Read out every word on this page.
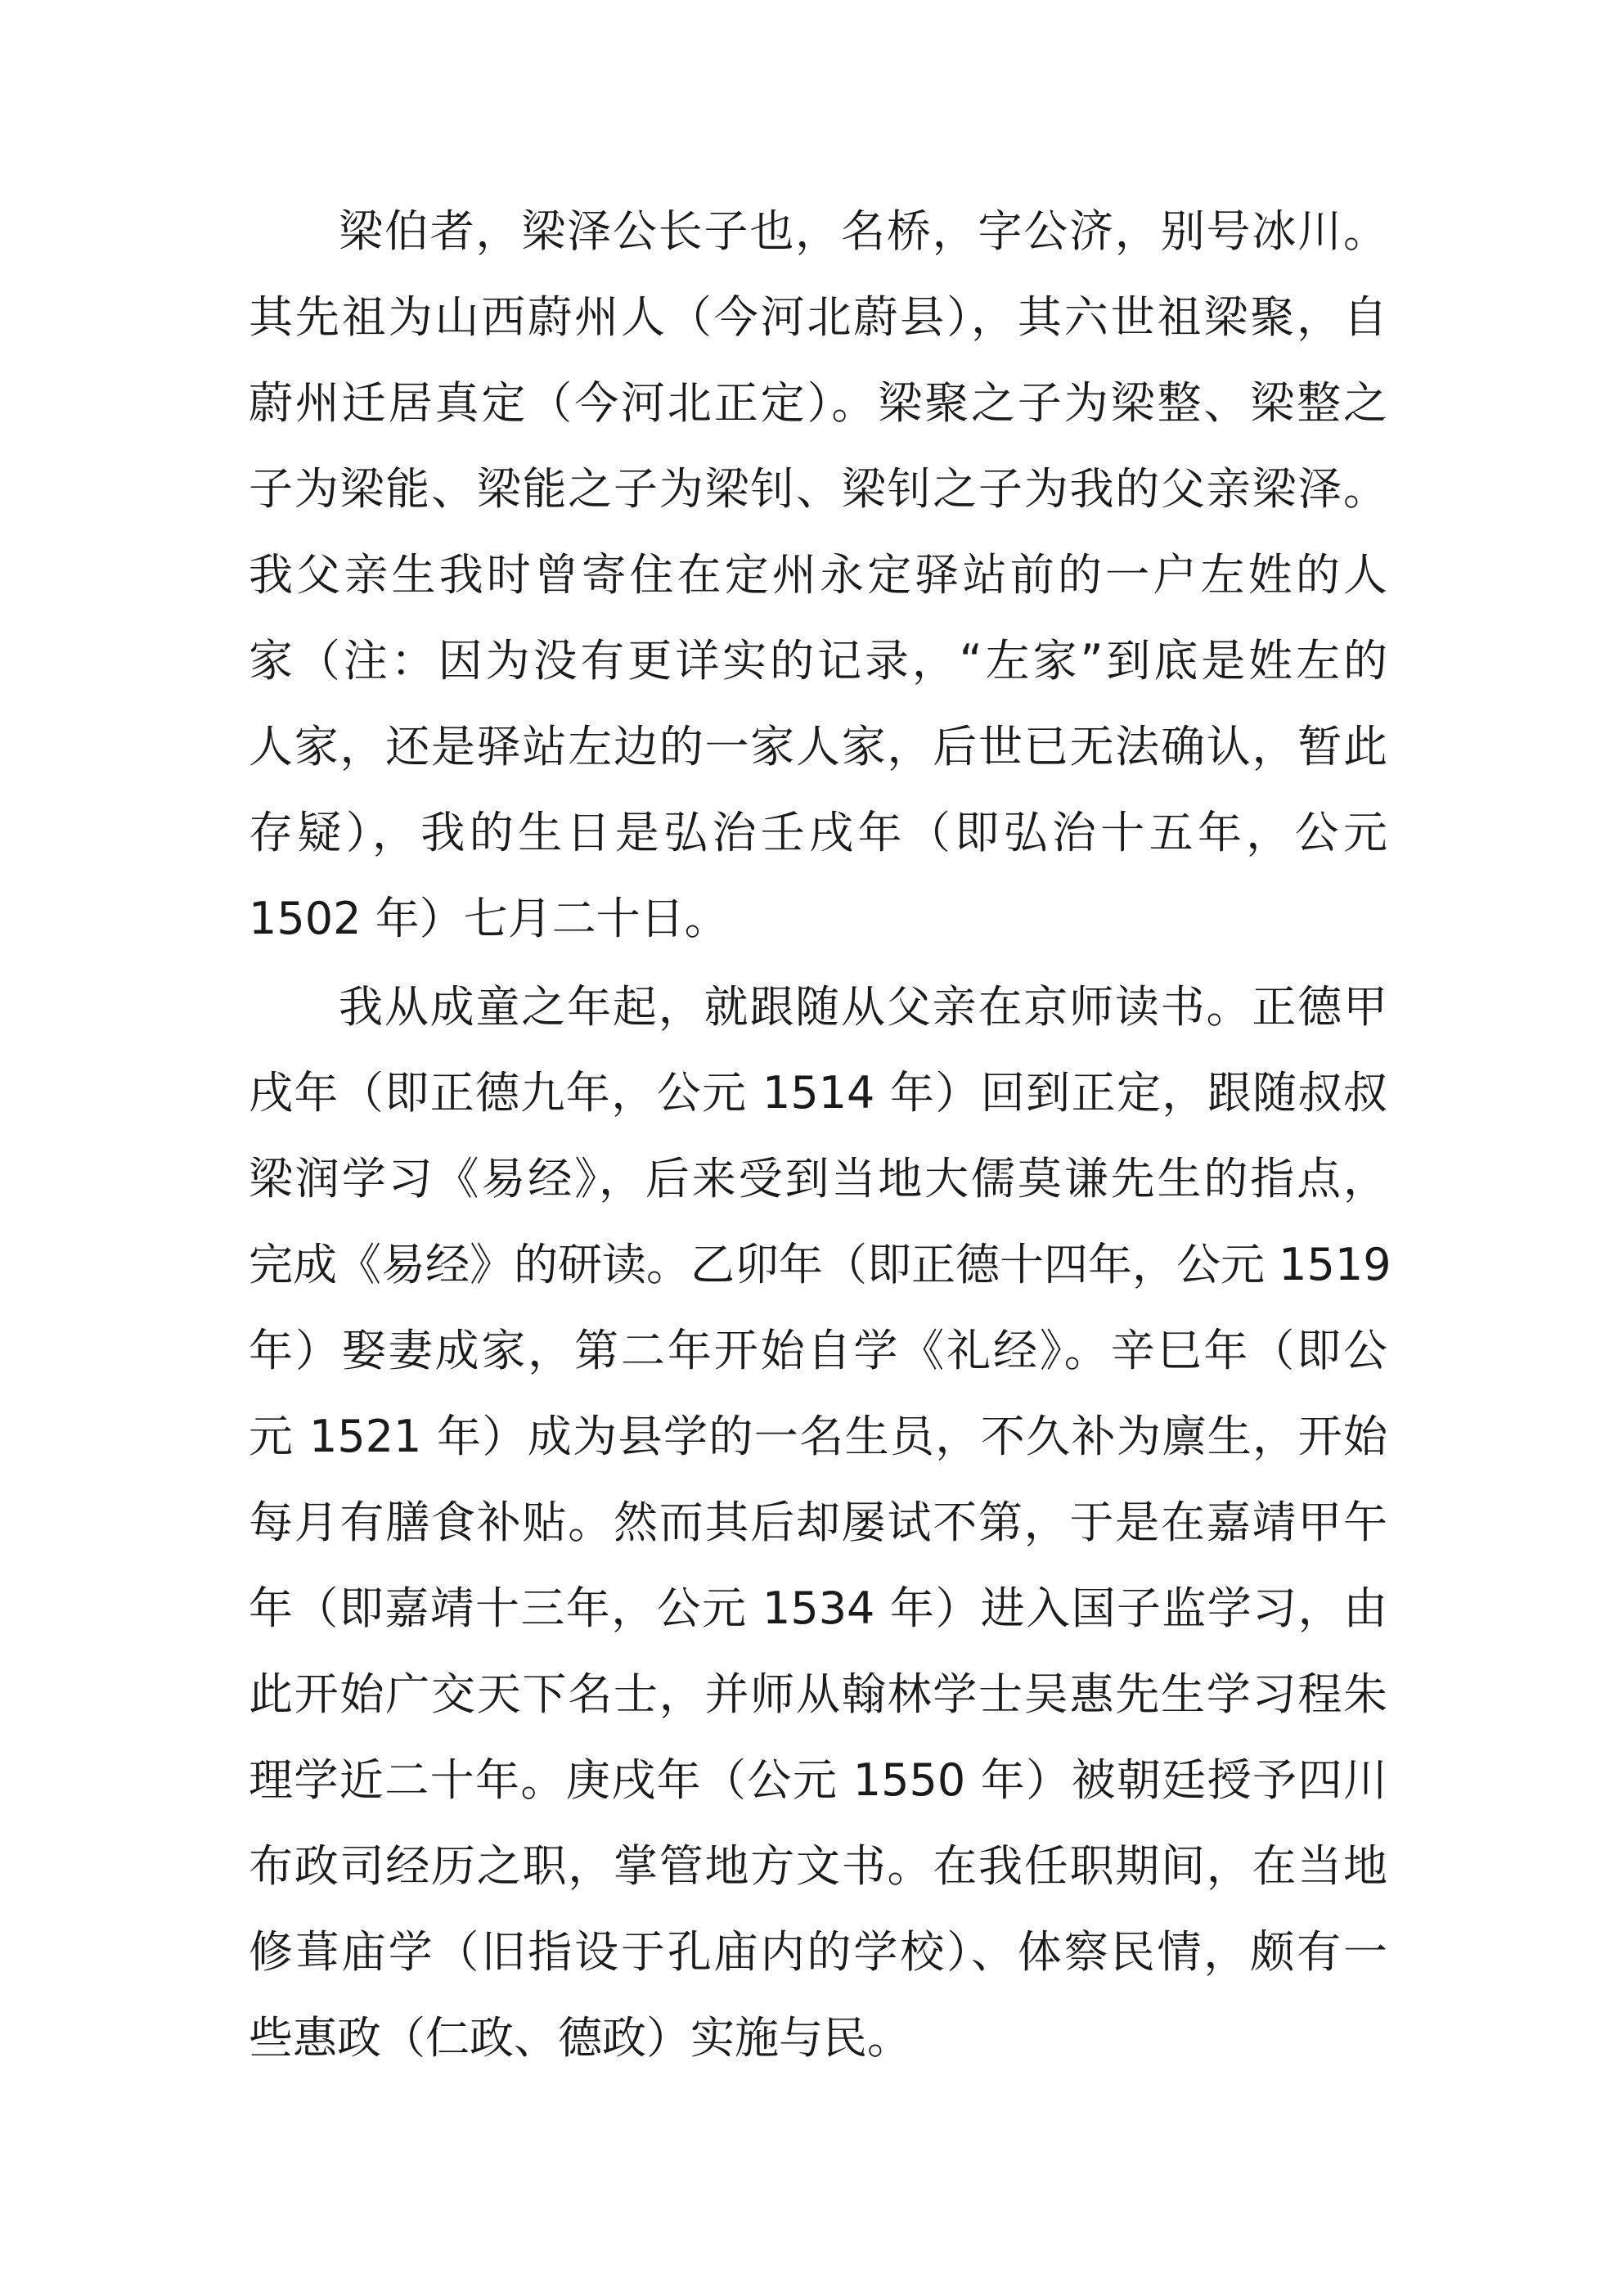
梁伯者，梁泽公长子也，名桥，字公济，别号冰川。

其先祖为山西蔚州人（今河北蔚县），其六世祖梁聚，自

蔚州迁居真定（今河北正定）。梁聚之子为梁整、梁整之

子为梁能、梁能之子为梁钊、梁钊之子为我的父亲梁泽。

我父亲生我时曾寄住在定州永定驿站前的一户左姓的人

家（注：因为没有更详实的记录，“左家”到底是姓左的

人家，还是驿站左边的一家人家，后世已无法确认，暂此

存疑），我的生日是弘治壬戌年（即弘治十五年，公元

1502 年）七月二十日。

我从成童之年起，就跟随从父亲在京师读书。正德甲

戌年（即正德九年，公元 1514 年）回到正定，跟随叔叔

梁润学习《易经》，后来受到当地大儒莫谦先生的指点，

完成《易经》的研读。乙卯年（即正德十四年，公元 1519

年）娶妻成家，第二年开始自学《礼经》。辛巳年（即公

元 1521 年）成为县学的一名生员，不久补为廪生，开始

每月有膳食补贴。然而其后却屡试不第，于是在嘉靖甲午

年（即嘉靖十三年，公元 1534 年）进入国子监学习，由

此开始广交天下名士，并师从翰林学士吴惠先生学习程朱

理学近二十年。庚戌年（公元 1550 年）被朝廷授予四川

布政司经历之职，掌管地方文书。在我任职期间，在当地

修葺庙学（旧指设于孔庙内的学校）、体察民情，颇有一

些惠政（仁政、德政）实施与民。
